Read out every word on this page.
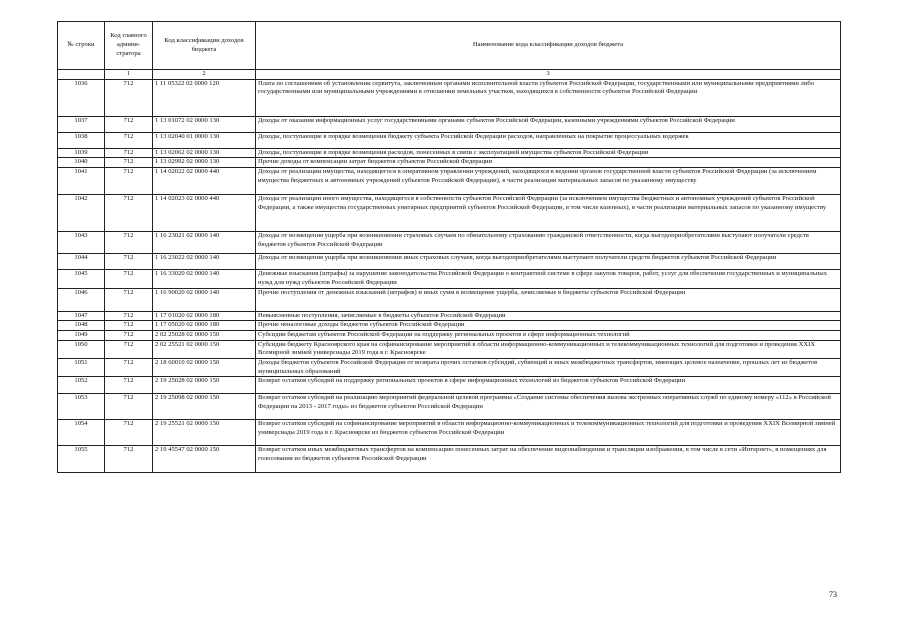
№ строки	Код главного админи-стратора	Код классификации доходов бюджета	Наименование кода классификации доходов бюджета
	1	2	3
1036	712	1 11 05322 02 0000 120	Плата по соглашениям об установлении сервитута, заключенным органами исполнительной власти субъектов Российской Федерации, государственными или муниципальными предприятиями либо государственными или муниципальными учреждениями в отношении земельных участков, находящихся в собственности субъектов Российской Федерации
1037	712	1 13 01072 02 0000 130	Доходы от оказания информационных услуг государственными органами субъектов Российской Федерации, казенными учреждениями субъектов Российской Федерации
1038	712	1 13 02040 01 0000 130	Доходы, поступающие в порядке возмещения бюджету субъекта Российской Федерации расходов, направленных на покрытие процессуальных издержек
1039	712	1 13 02062 02 0000 130	Доходы, поступающие в порядке возмещения расходов, понесенных в связи с эксплуатацией имущества субъектов Российской Федерации
1040	712	1 13 02992 02 0000 130	Прочие доходы от компенсации затрат бюджетов субъектов Российской Федерации
1041	712	1 14 02022 02 0000 440	Доходы от реализации имущества, находящегося в оперативном управлении учреждений, находящихся в ведении органов государственной власти субъектов Российской Федерации (за исключением имущества бюджетных и автономных учреждений субъектов Российской Федерации), в части реализации материальных запасов по указанному имуществу
1042	712	1 14 02023 02 0000 440	Доходы от реализации иного имущества, находящегося в собственности субъектов Российской Федерации (за исключением имущества бюджетных и автономных учреждений субъектов Российской Федерации, а также имущества государственных унитарных предприятий субъектов Российской Федерации, в том числе казенных), в части реализации материальных запасов по указанному имуществу
1043	712	1 16 23021 02 0000 140	Доходы от возмещения ущерба при возникновении страховых случаев по обязательному страхованию гражданской ответственности, когда выгодоприобретателями выступают получатели средств бюджетов субъектов Российской Федерации
1044	712	1 16 23022 02 0000 140	Доходы от возмещения ущерба при возникновении иных страховых случаев, когда выгодоприобретателями выступают получатели средств бюджетов субъектов Российской Федерации
1045	712	1 16 33020 02 0000 140	Денежные взыскания (штрафы) за нарушение законодательства Российской Федерации о контрактной системе в сфере закупок товаров, работ, услуг для обеспечения государственных и муниципальных нужд для нужд субъектов Российской Федерации
1046	712	1 16 90020 02 0000 140	Прочие поступления от денежных взысканий (штрафов) и иных сумм в возмещение ущерба, зачисляемые в бюджеты субъектов Российской Федерации
1047	712	1 17 01020 02 0000 180	Невыясненные поступления, зачисляемые в бюджеты субъектов Российской Федерации
1048	712	1 17 05020 02 0000 180	Прочие неналоговые доходы бюджетов субъектов Российской Федерации
1049	712	2 02 25028 02 0000 150	Субсидии бюджетам субъектов Российской Федерации на поддержку региональных проектов в сфере информационных технологий
1050	712	2 02 25521 02 0000 150	Субсидии бюджету Красноярского края на софинансирование мероприятий в области информационно-коммуникационных и телекоммуникационных технологий для подготовки и проведения XXIX Всемирной зимней универсиады 2019 года в г. Красноярске
1051	712	2 18 60010 02 0000 150	Доходы бюджетов субъектов Российской Федерации от возврата прочих остатков субсидий, субвенций и иных межбюджетных трансфертов, имеющих целевое назначение, прошлых лет из бюджетов муниципальных образований
1052	712	2 19 25028 02 0000 150	Возврат остатков субсидий на поддержку региональных проектов в сфере информационных технологий из бюджетов субъектов Российской Федерации
1053	712	2 19 25098 02 0000 150	Возврат остатков субсидий на реализацию мероприятий федеральной целевой программы «Создание системы обеспечения вызова экстренных оперативных служб по единому номеру «112» в Российской Федерации на 2013 - 2017 годы» из бюджетов субъектов Российской Федерации
1054	712	2 19 25521 02 0000 150	Возврат остатков субсидий на софинансирование мероприятий в области информационно-коммуникационных и телекоммуникационных технологий для подготовки и проведения XXIX Всемирной зимней универсиады 2019 года в г. Красноярске из бюджетов субъектов Российской Федерации
1055	712	2 19 45547 02 0000 150	Возврат остатков иных межбюджетных трансфертов на компенсацию понесенных затрат на обеспечение видеонаблюдения и трансляции изображения, в том числе в сети «Интернет», в помещениях для голосования из бюджетов субъектов Российской Федерации
73
